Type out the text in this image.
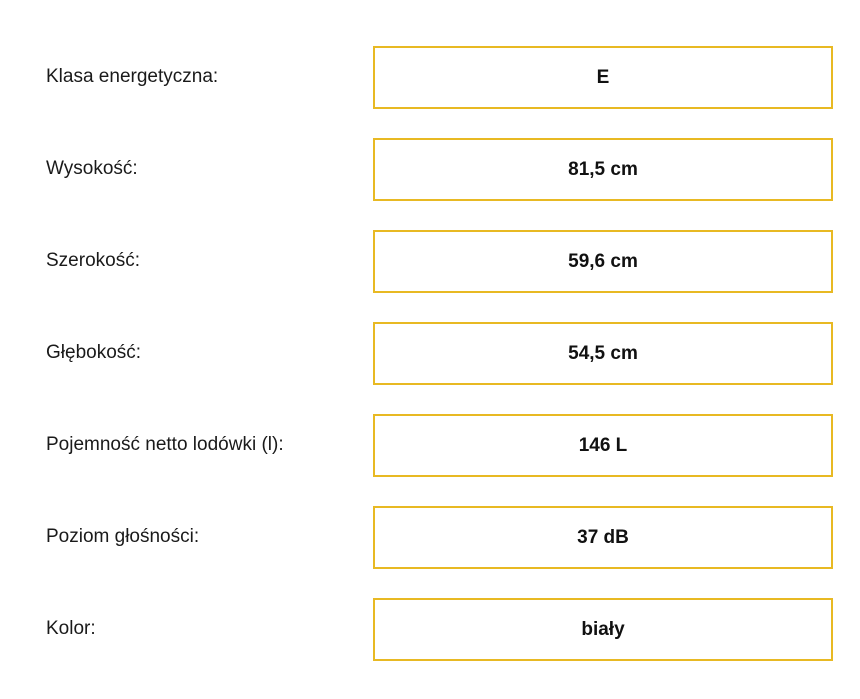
Klasa energetyczna:	E
Wysokość:	81,5 cm
Szerokość:	59,6 cm
Głębokość:	54,5 cm
Pojemność netto lodówki (l):	146 L
Poziom głośności:	37 dB
Kolor:	biały
